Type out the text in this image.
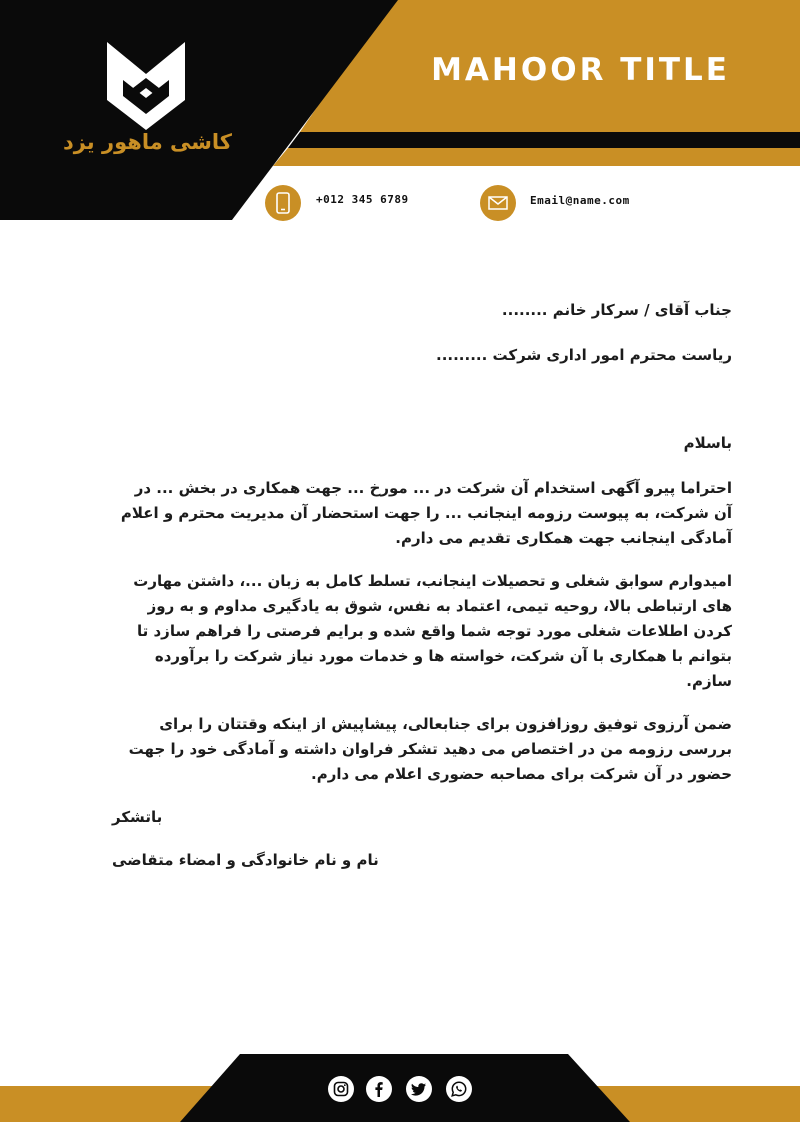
کاشی ماهور یزد
MAHOOR TITLE
+012 345 6789	Email@name.com

جناب آقای / سرکار خانم ........

ریاست محترم امور اداری شرکت .........

باسلام

احتراما پیرو آگهی استخدام آن شرکت در ... مورخ ... جهت همکاری در بخش ... در آن شرکت، به پیوست رزومه اینجانب ... را جهت استحضار آن مدیریت محترم و اعلام آمادگی اینجانب جهت همکاری تقدیم می دارم.

امیدوارم سوابق شغلی و تحصیلات اینجانب، تسلط کامل به زبان ...، داشتن مهارت های ارتباطی بالا، روحیه تیمی، اعتماد به نفس، شوق به یادگیری مداوم و به روز کردن اطلاعات شغلی مورد توجه شما واقع شده و برایم فرصتی را فراهم سازد تا بتوانم با همکاری با آن شرکت، خواسته ها و خدمات مورد نیاز شرکت را برآورده سازم.

ضمن آرزوی توفیق روزافزون برای جنابعالی، پیشاپیش از اینکه وقتتان را برای بررسی رزومه من در اختصاص می دهید تشکر فراوان داشته و آمادگی خود را جهت حضور در آن شرکت برای مصاحبه حضوری اعلام می دارم.

باتشکر

نام و نام خانوادگی و امضاء متقاضی
